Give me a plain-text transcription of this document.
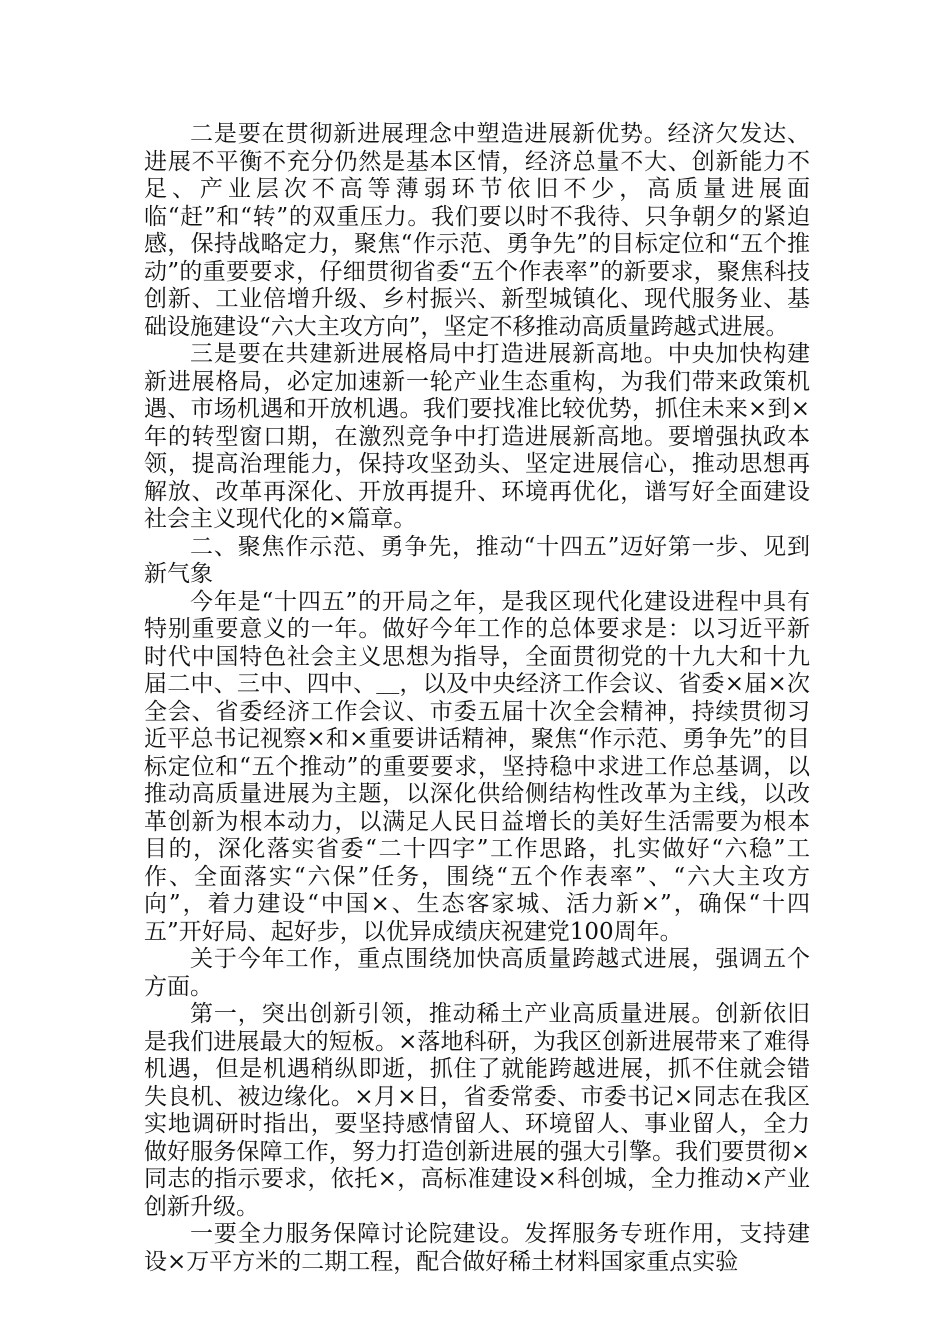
二是要在贯彻新进展理念中塑造进展新优势。经济欠发达、进展不平衡不充分仍然是基本区情，经济总量不大、创新能力不足、产业层次不高等薄弱环节依旧不少，高质量进展面临“赶”和“转”的双重压力。我们要以时不我待、只争朝夕的紧迫感，保持战略定力，聚焦“作示范、勇争先”的目标定位和“五个推动”的重要要求，仔细贯彻省委“五个作表率”的新要求，聚焦科技创新、工业倍增升级、乡村振兴、新型城镇化、现代服务业、基础设施建设“六大主攻方向”，坚定不移推动高质量跨越式进展。

三是要在共建新进展格局中打造进展新高地。中央加快构建新进展格局，必定加速新一轮产业生态重构，为我们带来政策机遇、市场机遇和开放机遇。我们要找准比较优势，抓住未来×到×年的转型窗口期，在激烈竞争中打造进展新高地。要增强执政本领，提高治理能力，保持攻坚劲头、坚定进展信心，推动思想再解放、改革再深化、开放再提升、环境再优化，谱写好全面建设社会主义现代化的×篇章。

二、聚焦作示范、勇争先，推动“十四五”迈好第一步、见到新气象

今年是“十四五”的开局之年，是我区现代化建设进程中具有特别重要意义的一年。做好今年工作的总体要求是：以习近平新时代中国特色社会主义思想为指导，全面贯彻党的十九大和十九届二中、三中、四中、＿，以及中央经济工作会议、省委×届×次全会、省委经济工作会议、市委五届十次全会精神，持续贯彻习近平总书记视察×和×重要讲话精神，聚焦“作示范、勇争先”的目标定位和“五个推动”的重要要求，坚持稳中求进工作总基调，以推动高质量进展为主题，以深化供给侧结构性改革为主线，以改革创新为根本动力，以满足人民日益增长的美好生活需要为根本目的，深化落实省委“二十四字”工作思路，扎实做好“六稳”工作、全面落实“六保”任务，围绕“五个作表率”、“六大主攻方向”，着力建设“中国×、生态客家城、活力新×”，确保“十四五”开好局、起好步，以优异成绩庆祝建党100周年。

关于今年工作，重点围绕加快高质量跨越式进展，强调五个方面。

第一，突出创新引领，推动稀土产业高质量进展。创新依旧是我们进展最大的短板。×落地科研，为我区创新进展带来了难得机遇，但是机遇稍纵即逝，抓住了就能跨越进展，抓不住就会错失良机、被边缘化。×月×日，省委常委、市委书记×同志在我区实地调研时指出，要坚持感情留人、环境留人、事业留人，全力做好服务保障工作，努力打造创新进展的强大引擎。我们要贯彻×同志的指示要求，依托×，高标准建设×科创城，全力推动×产业创新升级。

一要全力服务保障讨论院建设。发挥服务专班作用，支持建设×万平方米的二期工程，配合做好稀土材料国家重点实验
